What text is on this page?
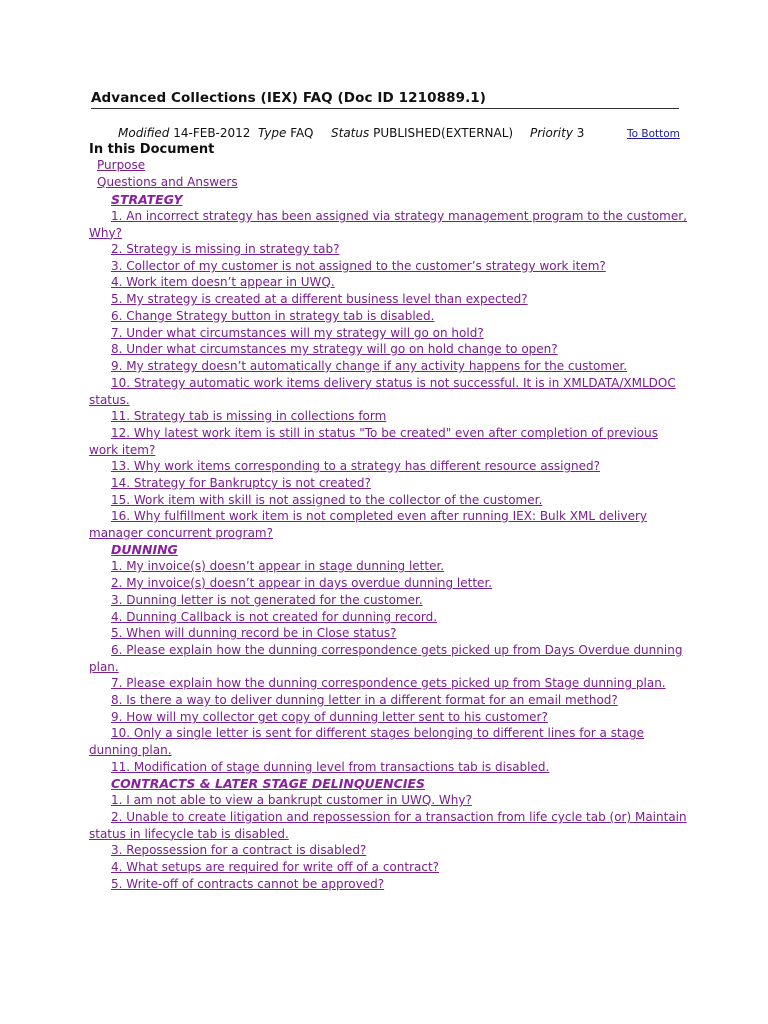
Advanced Collections (IEX) FAQ (Doc ID 1210889.1)
Modified 14-FEB-2012 Type FAQ Status PUBLISHED(EXTERNAL) Priority 3	To Bottom
In this Document
Purpose
Questions and Answers
STRATEGY
1. An incorrect strategy has been assigned via strategy management program to the customer, Why?
2. Strategy is missing in strategy tab?
3. Collector of my customer is not assigned to the customer’s strategy work item?
4. Work item doesn’t appear in UWQ.
5. My strategy is created at a different business level than expected?
6. Change Strategy button in strategy tab is disabled.
7. Under what circumstances will my strategy will go on hold?
8. Under what circumstances my strategy will go on hold change to open?
9. My strategy doesn’t automatically change if any activity happens for the customer.
10. Strategy automatic work items delivery status is not successful. It is in XMLDATA/XMLDOC status.
11. Strategy tab is missing in collections form
12. Why latest work item is still in status "To be created" even after completion of previous work item?
13. Why work items corresponding to a strategy has different resource assigned?
14. Strategy for Bankruptcy is not created?
15. Work item with skill is not assigned to the collector of the customer.
16. Why fulfillment work item is not completed even after running IEX: Bulk XML delivery manager concurrent program?
DUNNING
1. My invoice(s) doesn’t appear in stage dunning letter.
2. My invoice(s) doesn’t appear in days overdue dunning letter.
3. Dunning letter is not generated for the customer.
4. Dunning Callback is not created for dunning record.
5. When will dunning record be in Close status?
6. Please explain how the dunning correspondence gets picked up from Days Overdue dunning plan.
7. Please explain how the dunning correspondence gets picked up from Stage dunning plan.
8. Is there a way to deliver dunning letter in a different format for an email method?
9. How will my collector get copy of dunning letter sent to his customer?
10. Only a single letter is sent for different stages belonging to different lines for a stage dunning plan.
11. Modification of stage dunning level from transactions tab is disabled.
CONTRACTS & LATER STAGE DELINQUENCIES
1. I am not able to view a bankrupt customer in UWQ. Why?
2. Unable to create litigation and repossession for a transaction from life cycle tab (or) Maintain status in lifecycle tab is disabled.
3. Repossession for a contract is disabled?
4. What setups are required for write off of a contract?
5. Write-off of contracts cannot be approved?
